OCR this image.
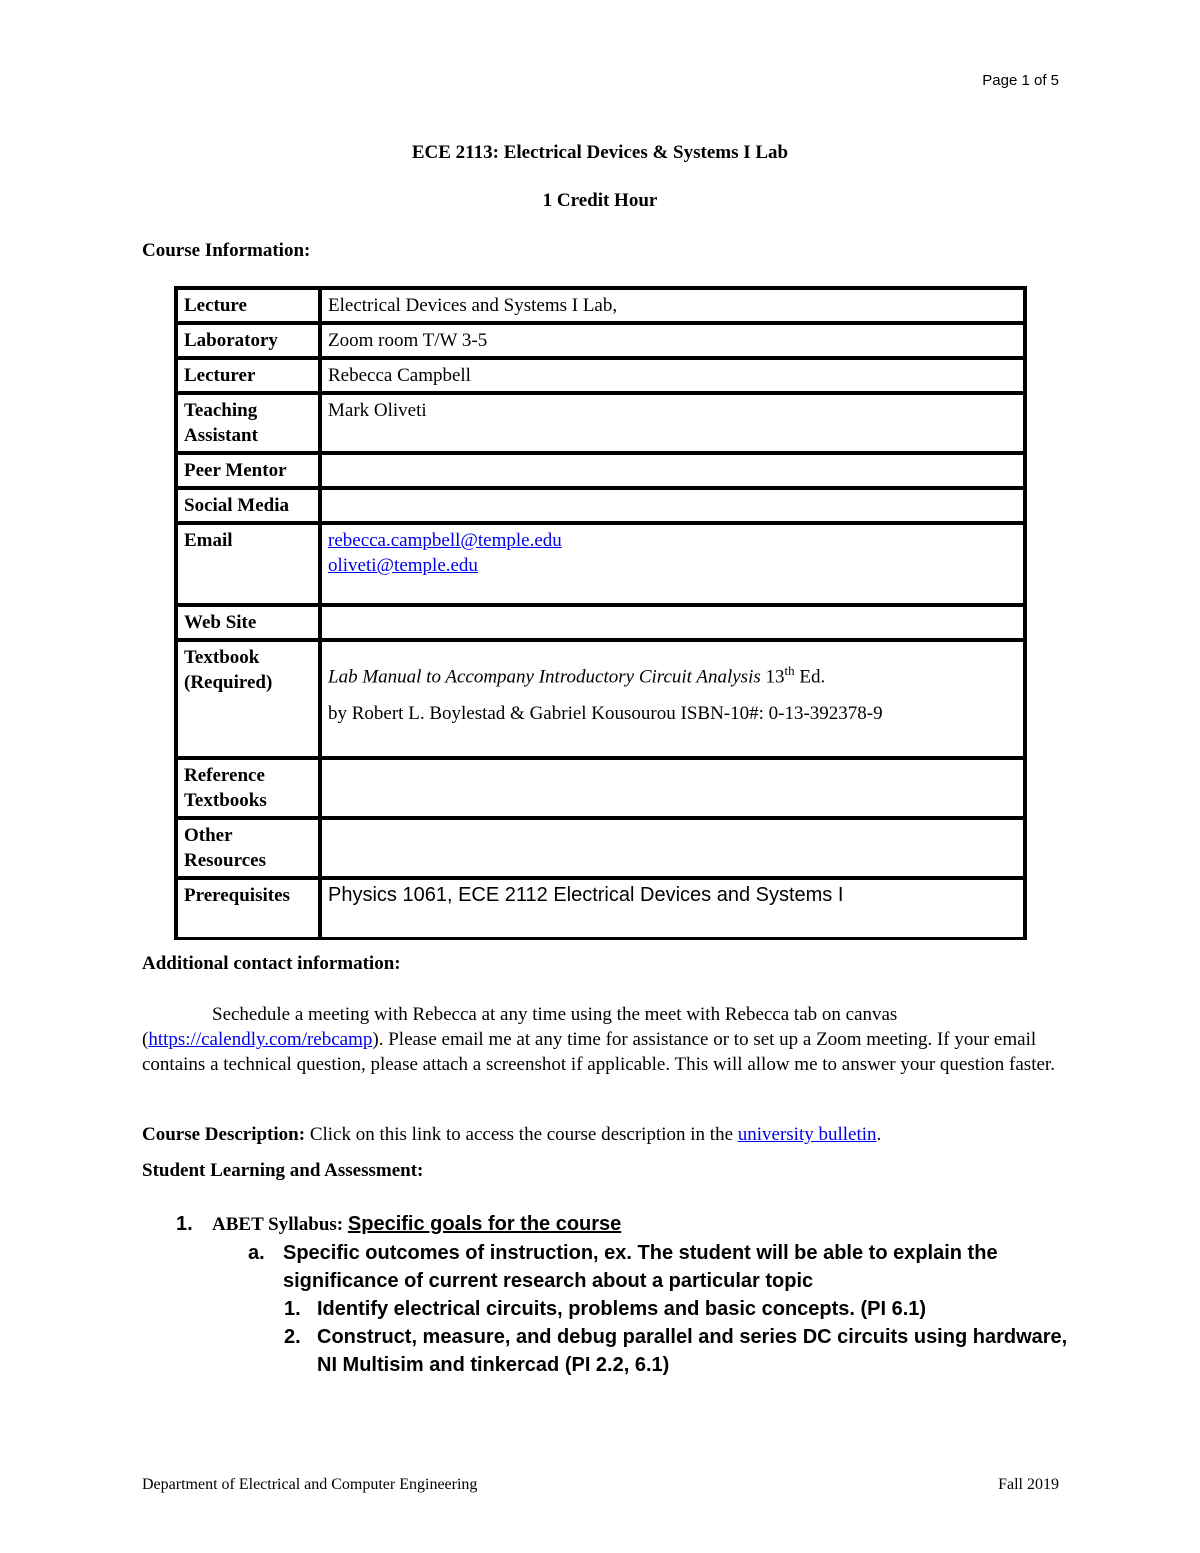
Page 1 of 5
ECE 2113: Electrical Devices & Systems I Lab
1 Credit Hour
Course Information:
Lecture	Electrical Devices and Systems I Lab,
Laboratory	Zoom room T/W 3-5
Lecturer	Rebecca Campbell
Teaching Assistant	Mark Oliveti
Peer Mentor	
Social Media	
Email	rebecca.campbell@temple.edu
oliveti@temple.edu
Web Site	
Textbook (Required)	Lab Manual to Accompany Introductory Circuit Analysis 13th Ed.
by Robert L. Boylestad & Gabriel Kousourou ISBN-10#: 0-13-392378-9

Reference Textbooks	
Other Resources	
Prerequisites	Physics 1061, ECE 2112 Electrical Devices and Systems I
Additional contact information:
Sechedule a meeting with Rebecca at any time using the meet with Rebecca tab on canvas (https://calendly.com/rebcamp). Please email me at any time for assistance or to set up a Zoom meeting. If your email contains a technical question, please attach a screenshot if applicable. This will allow me to answer your question faster.
Course Description: Click on this link to access the course description in the university bulletin.
Student Learning and Assessment:
1. ABET Syllabus: Specific goals for the course
a. Specific outcomes of instruction, ex. The student will be able to explain the significance of current research about a particular topic
1. Identify electrical circuits, problems and basic concepts. (PI 6.1)
2. Construct, measure, and debug parallel and series DC circuits using hardware, NI Multisim and tinkercad (PI 2.2, 6.1)
Department of Electrical and Computer Engineering	Fall 2019
